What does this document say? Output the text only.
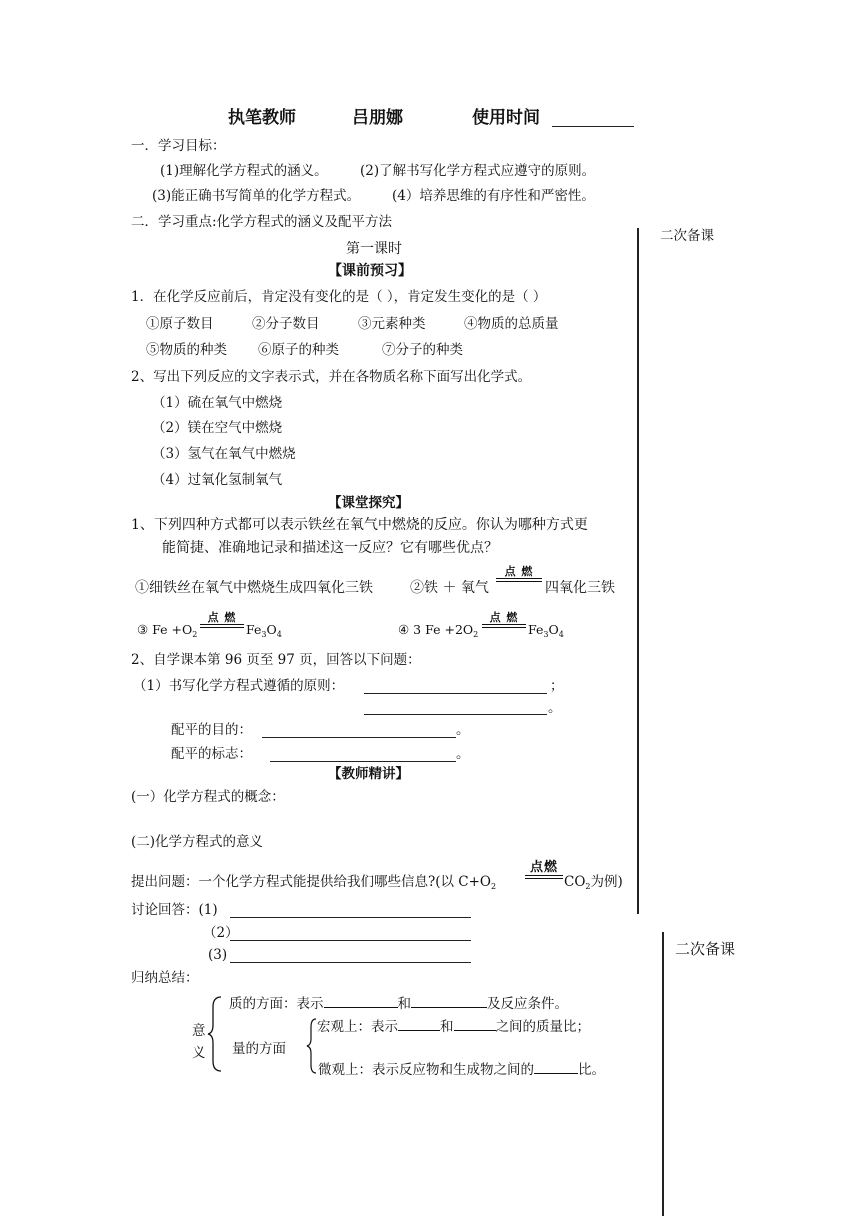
执笔教师	吕朋娜	使用时间
一．学习目标：
(1)理解化学方程式的涵义。 (2)了解书写化学方程式应遵守的原则。
(3)能正确书写简单的化学方程式。 (4）培养思维的有序性和严密性。
二．学习重点:化学方程式的涵义及配平方法
二次备课
二次备课
第一课时
【课前预习】
1．在化学反应前后，肯定没有变化的是（ ），肯定发生变化的是（ ）
①原子数目	②分子数目	③元素种类	④物质的总质量
⑤物质的种类 ⑥原子的种类	⑦分子的种类
2、写出下列反应的文字表示式，并在各物质名称下面写出化学式。
（1）硫在氧气中燃烧
（2）镁在空气中燃烧
（3）氢气在氧气中燃烧
（4）过氧化氢制氧气
【课堂探究】
1、下列四种方式都可以表示铁丝在氧气中燃烧的反应。你认为哪种方式更
能简捷、准确地记录和描述这一反应？它有哪些优点？
①细铁丝在氧气中燃烧生成四氧化三铁	②铁 ＋ 氧气
点 燃
四氧化三铁
③ $Fe +O_2$
点 燃
$Fe_3O_4$	④ 3 $Fe +2O_2$
点 燃
$Fe_3O_4$
2、自学课本第 96 页至 97 页，回答以下问题：
（1）书写化学方程式遵循的原则：	；
。
配平的目的：	。
配平的标志：	。
【教师精讲】
(一）化学方程式的概念：
(二)化学方程式的意义
提出问题：一个化学方程式能提供给我们哪些信息?(以 $C+O_2$
点燃
$CO_2$为例)
讨论回答：(1)
（2）
(3)
归纳总结：
意
义
质的方面：表示	和	及反应条件。
量的方面
宏观上：表示	和	之间的质量比；
微观上：表示反应物和生成物之间的	比。
